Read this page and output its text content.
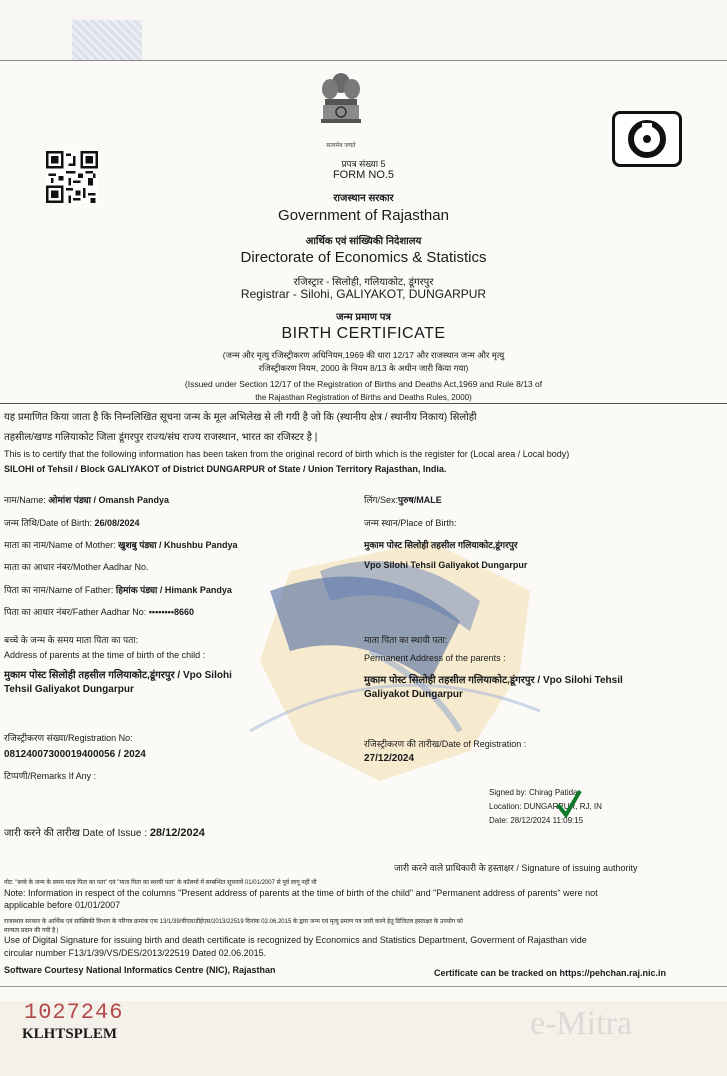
सत्यमेव जयते
प्रपत्र संख्या 5
FORM NO.5
राजस्थान सरकार
Government of Rajasthan
आर्थिक एवं सांख्यिकी निदेशालय
Directorate of Economics & Statistics
रजिस्ट्रार - सिलोही, गलियाकोट, डूंगरपुर
Registrar - Silohi, GALIYAKOT, DUNGARPUR
जन्म प्रमाण पत्र
BIRTH CERTIFICATE
(जन्म और मृत्यु रजिस्ट्रीकरण अधिनियम,1969 की धारा 12/17 और राजस्थान जन्म और मृत्यु
रजिस्ट्रीकरण नियम, 2000 के नियम 8/13 के अधीन जारी किया गया)
(Issued under Section 12/17 of the Registration of Births and Deaths Act,1969 and Rule 8/13 of
the Rajasthan Registration of Births and Deaths Rules, 2000)
यह प्रमाणित किया जाता है कि निम्नलिखित सूचना जन्म के मूल अभिलेख से ली गयी है जो कि (स्थानीय क्षेत्र / स्थानीय निकाय) सिलोही
तहसील/खण्ड गलियाकोट जिला डूंगरपुर राज्य/संघ राज्य राजस्थान, भारत का रजिस्टर है |
This is to certify that the following information has been taken from the original record of birth which is the register for (Local area / Local body)
SILOHI of Tehsil / Block GALIYAKOT of District DUNGARPUR of State / Union Territory Rajasthan, India.
नाम/Name: ओमांश पंड्या / Omansh Pandya
जन्म तिथि/Date of Birth: 26/08/2024
माता का नाम/Name of Mother: खुशबु पंड्या / Khushbu Pandya
माता का आधार नंबर/Mother Aadhar No.
पिता का नाम/Name of Father: हिमांक पंड्या / Himank Pandya
पिता का आधार नंबर/Father Aadhar No: ••••••••8660
लिंग/Sex:पुरुष/MALE
जन्म स्थान/Place of Birth:
मुकाम पोस्ट सिलोही तहसील गलियाकोट,डूंगरपुर
Vpo Silohi Tehsil Galiyakot Dungarpur
बच्चे के जन्म के समय माता पिता का पता:
Address of parents at the time of birth of the child :
मुकाम पोस्ट सिलोही तहसील गलियाकोट,डूंगरपुर / Vpo Silohi
Tehsil Galiyakot Dungarpur
माता पिता का स्थायी पता:
Permanent Address of the parents :
मुकाम पोस्ट सिलोही तहसील गलियाकोट,डूंगरपुर / Vpo Silohi Tehsil
Galiyakot Dungarpur
रजिस्ट्रीकरण संख्या/Registration No:
08124007300019400056 / 2024
टिप्पणी/Remarks If Any :
रजिस्ट्रीकरण की तारीख/Date of Registration :
27/12/2024
Signed by: Chirag Patidar
Location: DUNGARPUR, RJ, IN
Date: 28/12/2024 11:09:15
जारी करने की तारीख Date of Issue : 28/12/2024
जारी करने वाले प्राधिकारी के हस्ताक्षर / Signature of issuing authority
नोट: "बच्चे के जन्म के समय माता पिता का पता" एवं "माता पिता का स्थायी पता" के कॉलमों में सम्बन्धित सूचनायें 01/01/2007 से पूर्व लागू नहीं थी
Note: Information in respect of the columns "Present address of parents at the time of birth of the child" and "Permanent address of parents" were not
applicable before 01/01/2007
राजस्थान सरकार के आर्थिक एवं सांख्यिकी विभाग के परिपत्र क्रमांक एफ 13/1/39/वीएस/डीईएस/2013/22519 दिनांक 02.06.2015 के द्वारा जन्म एवं मृत्यु प्रमाण पत्र जारी करने हेतु डिजिटल हस्ताक्षर के उपयोग को
मान्यता प्रदान की गयी है |
Use of Digital Signature for issuing birth and death certificate is recognized by Economics and Statistics Department, Goverment of Rajasthan vide
circular number F13/1/39/VS/DES/2013/22519 Dated 02.06.2015.
Software Courtesy National Informatics Centre (NIC), Rajasthan	Certificate can be tracked on https://pehchan.raj.nic.in
e-Mitra
1027246
KLHTSPLEM
